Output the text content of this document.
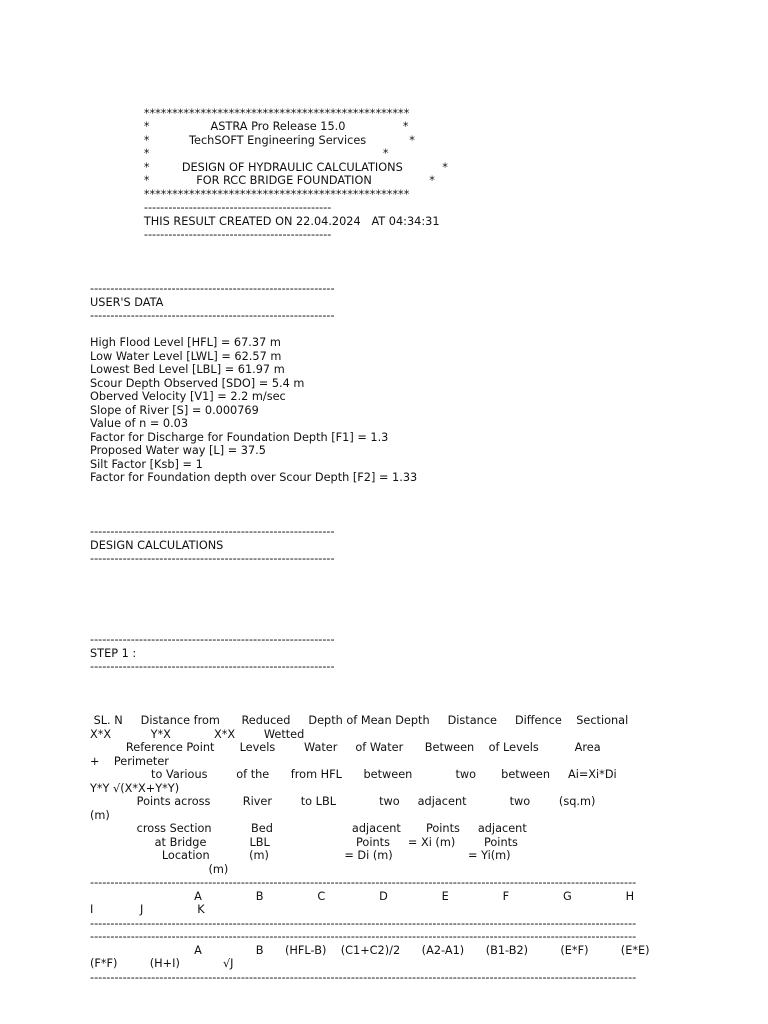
***********************************************
*                 ASTRA Pro Release 15.0                *
*           TechSOFT Engineering Services            *
*                                                                 *
*         DESIGN OF HYDRAULIC CALCULATIONS           *
*             FOR RCC BRIDGE FOUNDATION                *
***********************************************
----------------------------------------------
THIS RESULT CREATED ON 22.04.2024   AT 04:34:31
----------------------------------------------

------------------------------------------------------------
USER'S DATA
------------------------------------------------------------

High Flood Level [HFL] = 67.37 m
Low Water Level [LWL] = 62.57 m
Lowest Bed Level [LBL] = 61.97 m
Scour Depth Observed [SDO] = 5.4 m
Oberved Velocity [V1] = 2.2 m/sec
Slope of River [S] = 0.000769
Value of n = 0.03
Factor for Discharge for Foundation Depth [F1] = 1.3
Proposed Water way [L] = 37.5
Silt Factor [Ksb] = 1
Factor for Foundation depth over Scour Depth [F2] = 1.33

------------------------------------------------------------
DESIGN CALCULATIONS
------------------------------------------------------------

------------------------------------------------------------
STEP 1 :
------------------------------------------------------------

SL. N     Distance from      Reduced     Depth of Mean Depth     Distance     Diffence    Sectional
X*X           Y*X            X*X        Wetted
Reference Point       Levels        Water     of Water      Between    of Levels          Area
+    Perimeter
to Various        of the      from HFL      between            two       between     Ai=Xi*Di
Y*Y √(X*X+Y*Y)
Points across         River        to LBL            two     adjacent            two        (sq.m)
(m)
cross Section           Bed                      adjacent       Points     adjacent
at Bridge            LBL                        Points     = Xi (m)        Points
Location           (m)                     = Di (m)                     = Yi(m)
(m)
--------------------------------------------------------------------------------------------------------------------------------------
A               B               C               D               E               F               G               H
I             J               K
--------------------------------------------------------------------------------------------------------------------------------------
--------------------------------------------------------------------------------------------------------------------------------------
A               B      (HFL-B)    (C1+C2)/2      (A2-A1)      (B1-B2)         (E*F)         (E*E)
(F*F)         (H+I)            √J
--------------------------------------------------------------------------------------------------------------------------------------
